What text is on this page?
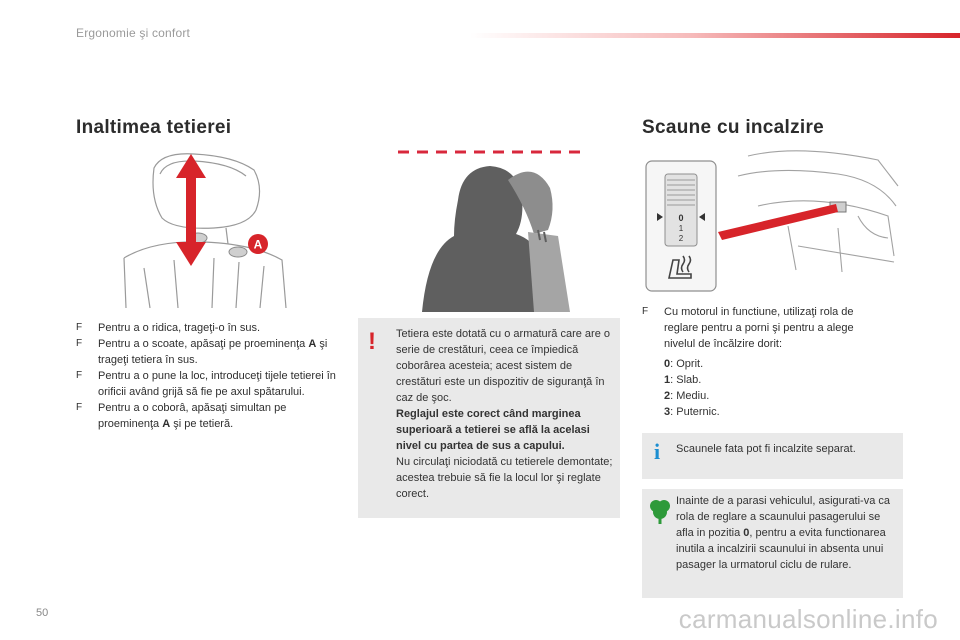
Ergonomie şi confort
Inaltimea tetierei
A
F Pentru a o ridica, trageţi-o în sus.
F Pentru a o scoate, apăsaţi pe proeminenţa A şi trageţi tetiera în sus.
F Pentru a o pune la loc, introduceţi tijele tetierei în orificii având grijă să fie pe axul spătarului.
F Pentru a o coborâ, apăsaţi simultan pe proeminenţa A şi pe tetieră.
! Tetiera este dotată cu o armatură care are o serie de crestături, ceea ce împiedică coborârea acesteia; acest sistem de crestături este un dispozitiv de siguranţă în caz de şoc.
Reglajul este corect când marginea superioară a tetierei se află la acelasi nivel cu partea de sus a capului.
Nu circulaţi niciodată cu tetierele demontate; acestea trebuie să fie la locul lor şi reglate corect.
Scaune cu incalzire
0
1
2
F Cu motorul in functiune, utilizaţi rola de reglare pentru a porni şi pentru a alege nivelul de încălzire dorit:
0: Oprit.
1: Slab.
2: Mediu.
3: Puternic.
i Scaunele fata pot fi incalzite separat.
Inainte de a parasi vehiculul, asigurati-va ca rola de reglare a scaunului pasagerului se afla in pozitia 0, pentru a evita functionarea inutila a incalzirii scaunului in absenta unui pasager la urmatorul ciclu de rulare.
50	carmanualsonline.info
